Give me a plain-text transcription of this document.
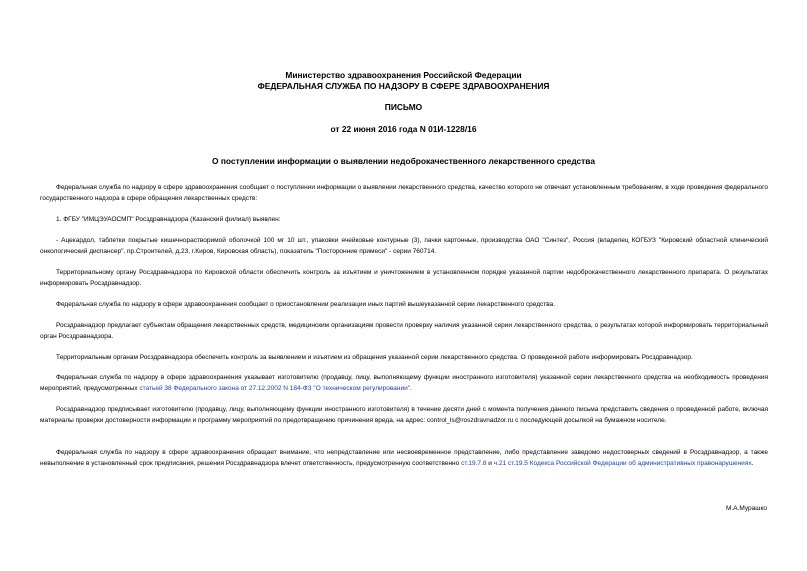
Министерство здравоохранения Российской Федерации
ФЕДЕРАЛЬНАЯ СЛУЖБА ПО НАДЗОРУ В СФЕРЕ ЗДРАВООХРАНЕНИЯ
ПИСЬМО
от 22 июня 2016 года N 01И-1228/16
О поступлении информации о выявлении недоброкачественного лекарственного средства

Федеральная служба по надзору в сфере здравоохранения сообщает о поступлении информации о выявлении лекарственного средства, качество которого не отвечает установленным требованиям, в ходе проведения федерального государственного надзора в сфере обращения лекарственных средств:

1. ФГБУ "ИМЦЭУАОСМП" Росздравнадзора (Казанский филиал) выявлен:

- Ацекардол, таблетки покрытые кишечнорастворимой оболочкой 100 мг 10 шт., упаковки ячейковые контурные (3), пачки картонные, производства ОАО "Синтез", Россия (владелец КОГБУЗ "Кировский областной клинический онкологический диспансер", пр.Строителей, д.23, г.Киров, Кировская область), показатель "Посторонние примеси" - серии 760714.

Территориальному органу Росздравнадзора по Кировской области обеспечить контроль за изъятием и уничтожением в установленном порядке указанной партии недоброкачественного лекарственного препарата. О результатах информировать Росздравнадзор.

Федеральная служба по надзору в сфере здравоохранения сообщает о приостановлении реализации иных партий вышеуказанной серии лекарственного средства.

Росздравнадзор предлагает субъектам обращения лекарственных средств, медицинским организациям провести проверку наличия указанной серии лекарственного средства, о результатах которой информировать территориальный орган Росздравнадзора.

Территориальным органам Росздравнадзора обеспечить контроль за выявлением и изъятием из обращения указанной серии лекарственного средства. О проведенной работе информировать Росздравнадзор.

Федеральная служба по надзору в сфере здравоохранения указывает изготовителю (продавцу, лицу, выполняющему функции иностранного изготовителя) указанной серии лекарственного средства на необходимость проведения мероприятий, предусмотренных статьей 38 Федерального закона от 27.12.2002 N 184-ФЗ "О техническом регулировании".

Росздравнадзор предписывает изготовителю (продавцу, лицу, выполняющему функции иностранного изготовителя) в течение десяти дней с момента получения данного письма представить сведения о проведенной работе, включая материалы проверки достоверности информации и программу мероприятий по предотвращению причинения вреда, на адрес: control_ls@roszdravnadzor.ru с последующей досылкой на бумажном носителе.

Федеральная служба по надзору в сфере здравоохранения обращает внимание, что непредставление или несвоевременное представление, либо представление заведомо недостоверных сведений в Росздравнадзор, а также невыполнение в установленный срок предписания, решения Росздравнадзора влечет ответственность, предусмотренную соответственно ст.19.7.8 и ч.21 ст.19.5 Кодекса Российской Федерации об административных правонарушениях.

М.А.Мурашко
